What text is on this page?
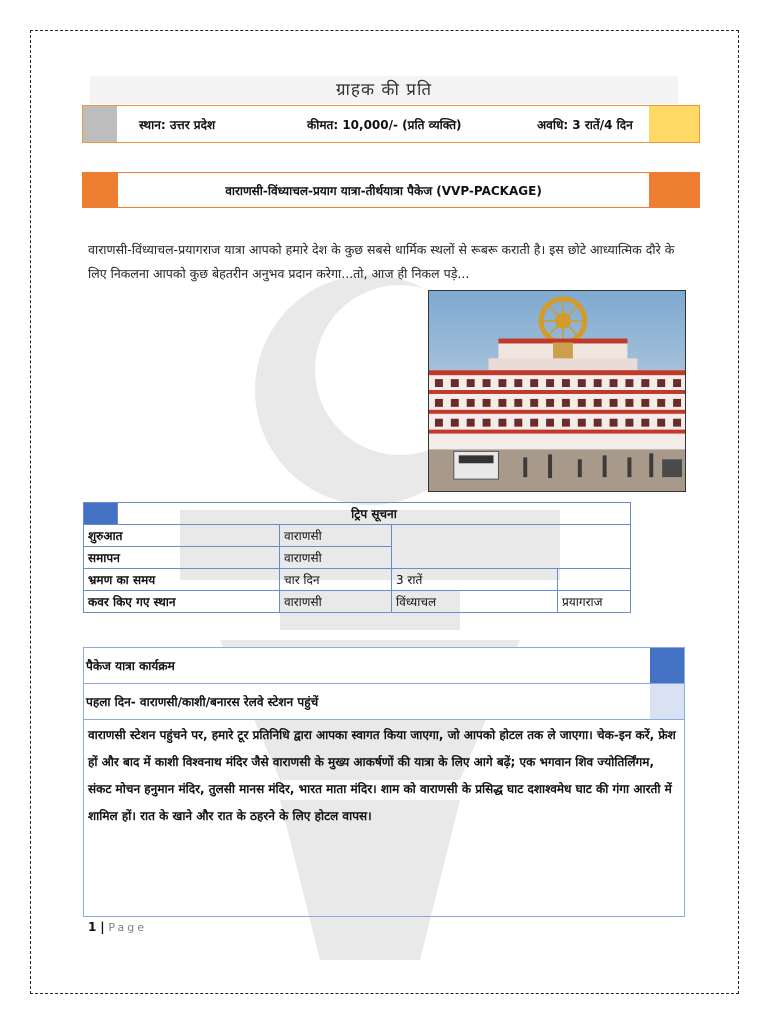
ग्राहक की प्रति
स्थान: उत्तर प्रदेश	कीमत: 10,000/- (प्रति व्यक्ति)	अवधि: 3 रातें/4 दिन
वाराणसी-विंध्याचल-प्रयाग यात्रा-तीर्थयात्रा पैकेज (VVP-PACKAGE)

वाराणसी-विंध्याचल-प्रयागराज यात्रा आपको हमारे देश के कुछ सबसे धार्मिक स्थलों से रूबरू कराती है। इस छोटे आध्यात्मिक दौरे के लिए निकलना आपको कुछ बेहतरीन अनुभव प्रदान करेगा...तो, आज ही निकल पड़े...

	ट्रिप सूचना			
शुरुआत		वाराणसी		
समापन		वाराणसी		
भ्रमण का समय		चार दिन	3 रातें	
कवर किए गए स्थान		वाराणसी	विंध्याचल	प्रयागराज
पैकेज यात्रा कार्यक्रम
पहला दिन- वाराणसी/काशी/बनारस रेलवे स्टेशन पहुंचें
वाराणसी स्टेशन पहुंचने पर, हमारे टूर प्रतिनिधि द्वारा आपका स्वागत किया जाएगा, जो आपको होटल तक ले जाएगा। चेक-इन करें, फ्रेश हों और बाद में काशी विश्वनाथ मंदिर जैसे वाराणसी के मुख्य आकर्षणों की यात्रा के लिए आगे बढ़ें; एक भगवान शिव ज्योतिर्लिंगम, संकट मोचन हनुमान मंदिर, तुलसी मानस मंदिर, भारत माता मंदिर। शाम को वाराणसी के प्रसिद्ध घाट दशाश्वमेध घाट की गंगा आरती में शामिल हों। रात के खाने और रात के ठहरने के लिए होटल वापस।
1 | Page
